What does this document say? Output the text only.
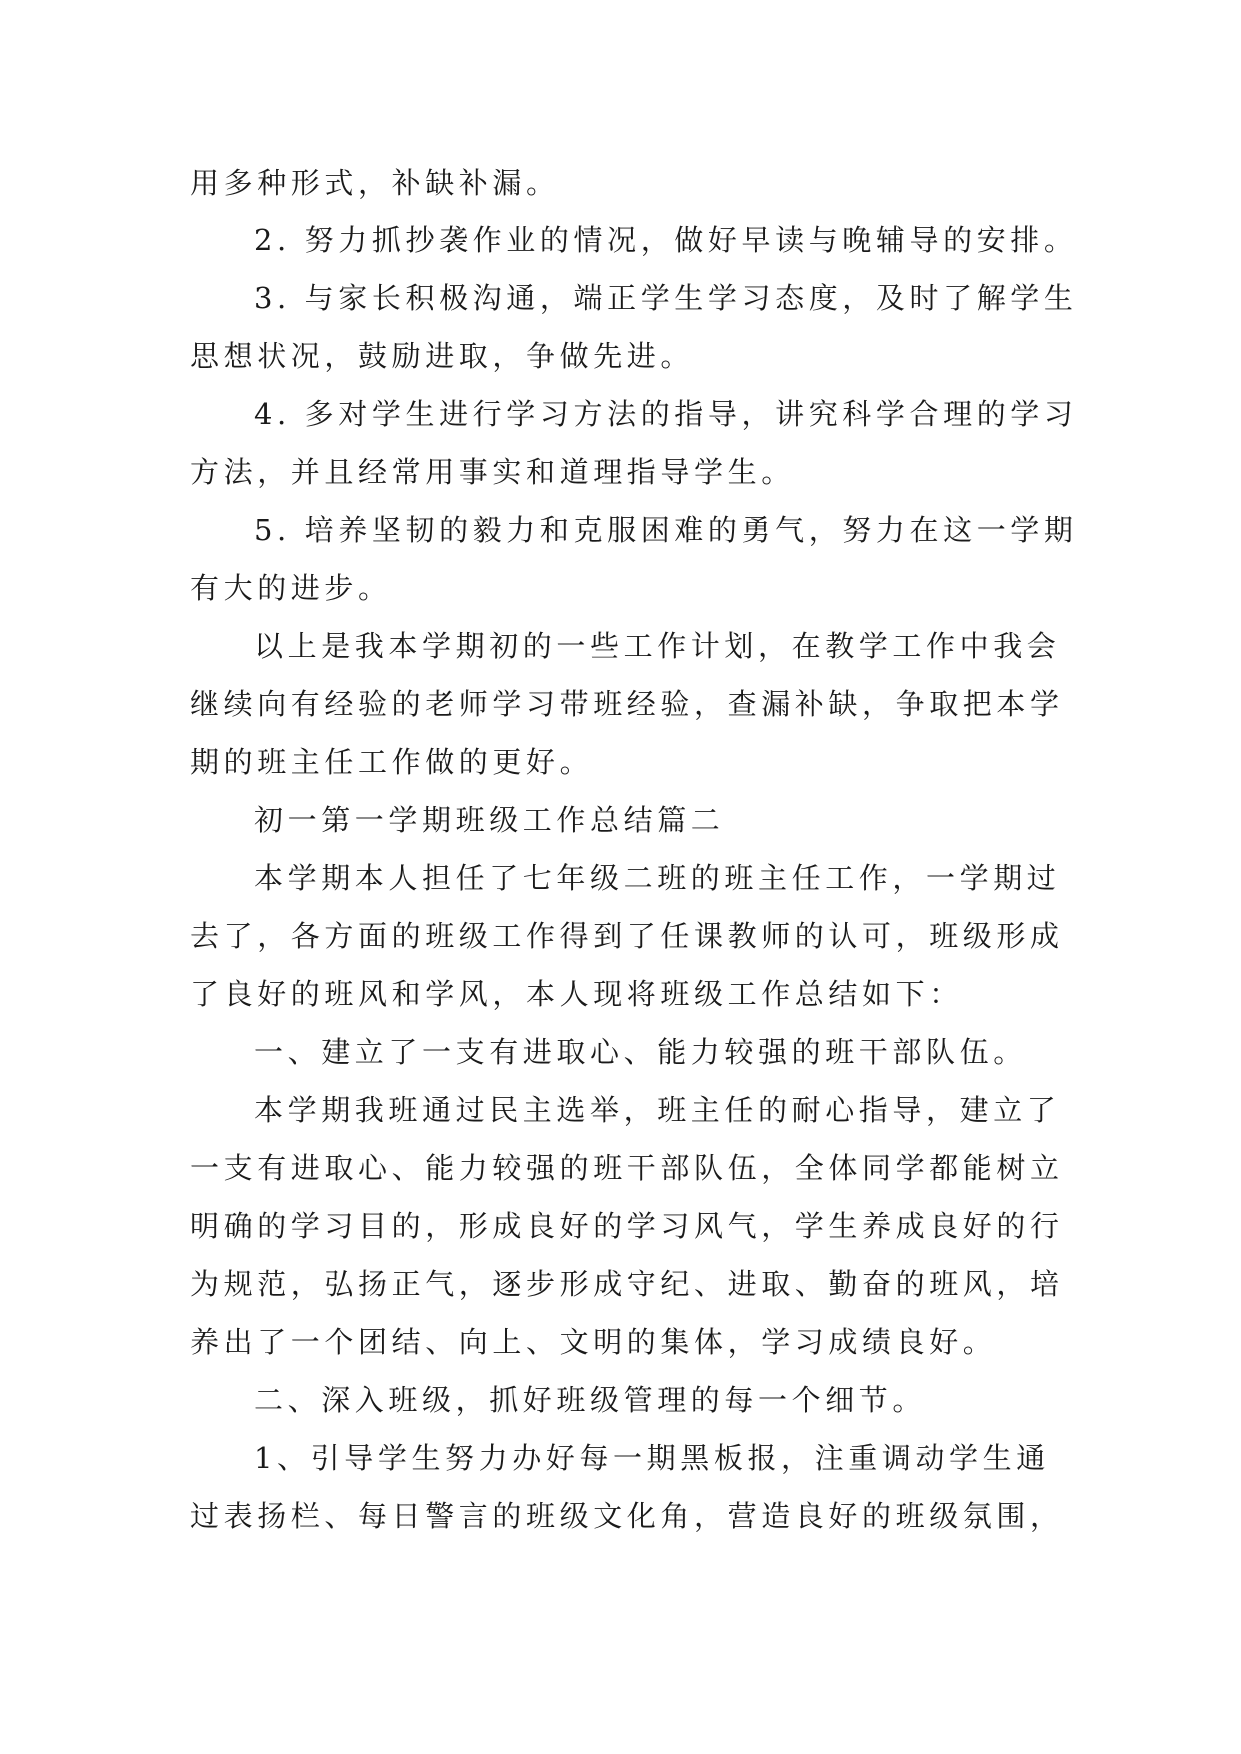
用多种形式，补缺补漏。
2. 努力抓抄袭作业的情况，做好早读与晚辅导的安排。
3. 与家长积极沟通，端正学生学习态度，及时了解学生
思想状况，鼓励进取，争做先进。
4. 多对学生进行学习方法的指导，讲究科学合理的学习
方法，并且经常用事实和道理指导学生。
5. 培养坚韧的毅力和克服困难的勇气，努力在这一学期
有大的进步。
以上是我本学期初的一些工作计划，在教学工作中我会
继续向有经验的老师学习带班经验，查漏补缺，争取把本学
期的班主任工作做的更好。
初一第一学期班级工作总结篇二
本学期本人担任了七年级二班的班主任工作，一学期过
去了，各方面的班级工作得到了任课教师的认可，班级形成
了良好的班风和学风，本人现将班级工作总结如下：
一、建立了一支有进取心、能力较强的班干部队伍。
本学期我班通过民主选举，班主任的耐心指导，建立了
一支有进取心、能力较强的班干部队伍，全体同学都能树立
明确的学习目的，形成良好的学习风气，学生养成良好的行
为规范，弘扬正气，逐步形成守纪、进取、勤奋的班风，培
养出了一个团结、向上、文明的集体，学习成绩良好。
二、深入班级，抓好班级管理的每一个细节。
1、引导学生努力办好每一期黑板报，注重调动学生通
过表扬栏、每日警言的班级文化角，营造良好的班级氛围，
